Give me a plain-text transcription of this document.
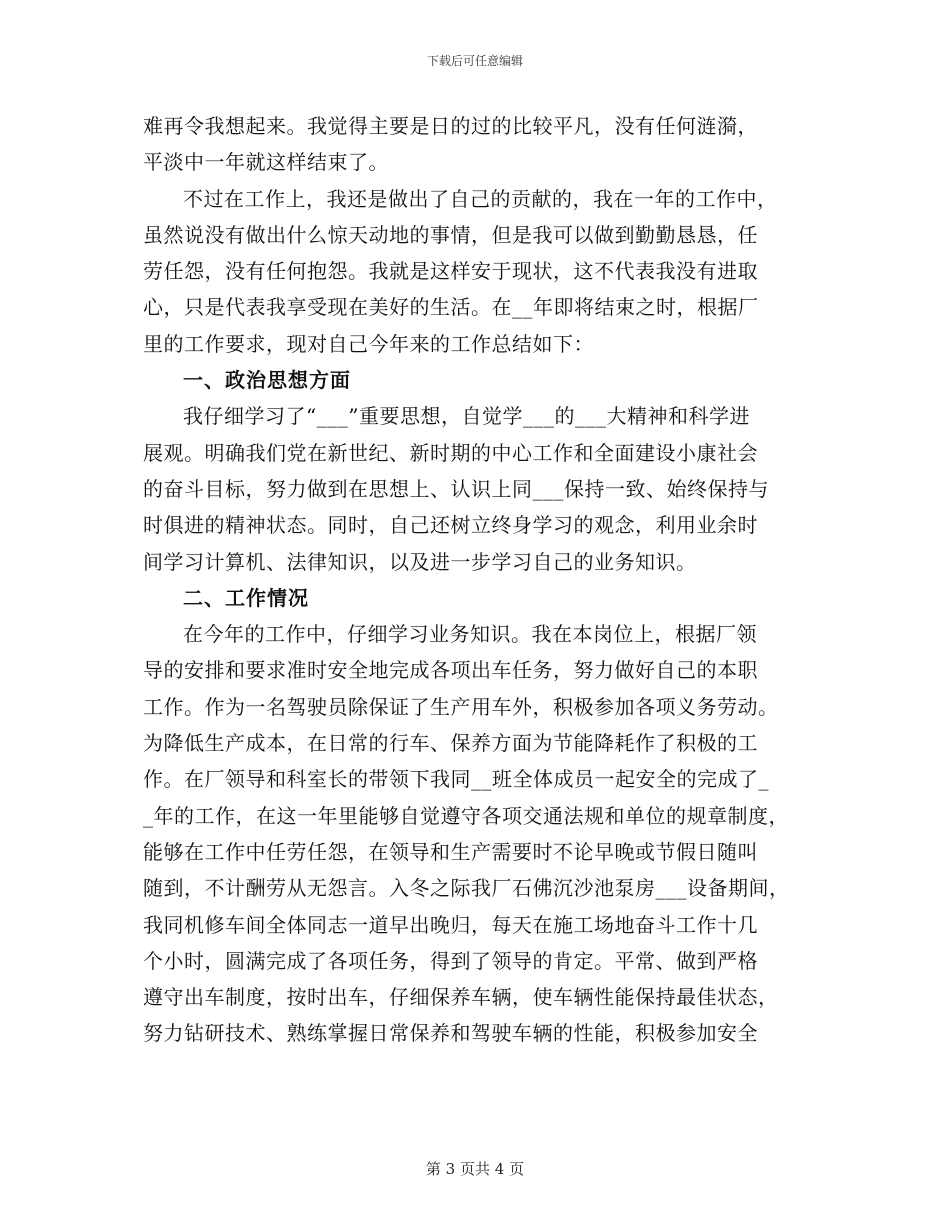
下载后可任意编辑
难再令我想起来。我觉得主要是日的过的比较平凡，没有任何涟漪，
平淡中一年就这样结束了。
不过在工作上，我还是做出了自己的贡献的，我在一年的工作中，
虽然说没有做出什么惊天动地的事情，但是我可以做到勤勤恳恳，任
劳任怨，没有任何抱怨。我就是这样安于现状，这不代表我没有进取
心，只是代表我享受现在美好的生活。在__年即将结束之时，根据厂
里的工作要求，现对自己今年来的工作总结如下：
一、政治思想方面
我仔细学习了“___”重要思想，自觉学___的___大精神和科学进
展观。明确我们党在新世纪、新时期的中心工作和全面建设小康社会
的奋斗目标，努力做到在思想上、认识上同___保持一致、始终保持与
时俱进的精神状态。同时，自己还树立终身学习的观念，利用业余时
间学习计算机、法律知识，以及进一步学习自己的业务知识。
二、工作情况
在今年的工作中，仔细学习业务知识。我在本岗位上，根据厂领
导的安排和要求准时安全地完成各项出车任务，努力做好自己的本职
工作。作为一名驾驶员除保证了生产用车外，积极参加各项义务劳动。
为降低生产成本，在日常的行车、保养方面为节能降耗作了积极的工
作。在厂领导和科室长的带领下我同__班全体成员一起安全的完成了_
_年的工作，在这一年里能够自觉遵守各项交通法规和单位的规章制度，
能够在工作中任劳任怨，在领导和生产需要时不论早晚或节假日随叫
随到，不计酬劳从无怨言。入冬之际我厂石佛沉沙池泵房___设备期间，
我同机修车间全体同志一道早出晚归，每天在施工场地奋斗工作十几
个小时，圆满完成了各项任务，得到了领导的肯定。平常、做到严格
遵守出车制度，按时出车，仔细保养车辆，使车辆性能保持最佳状态，
努力钻研技术、熟练掌握日常保养和驾驶车辆的性能，积极参加安全
第 3 页共 4 页
